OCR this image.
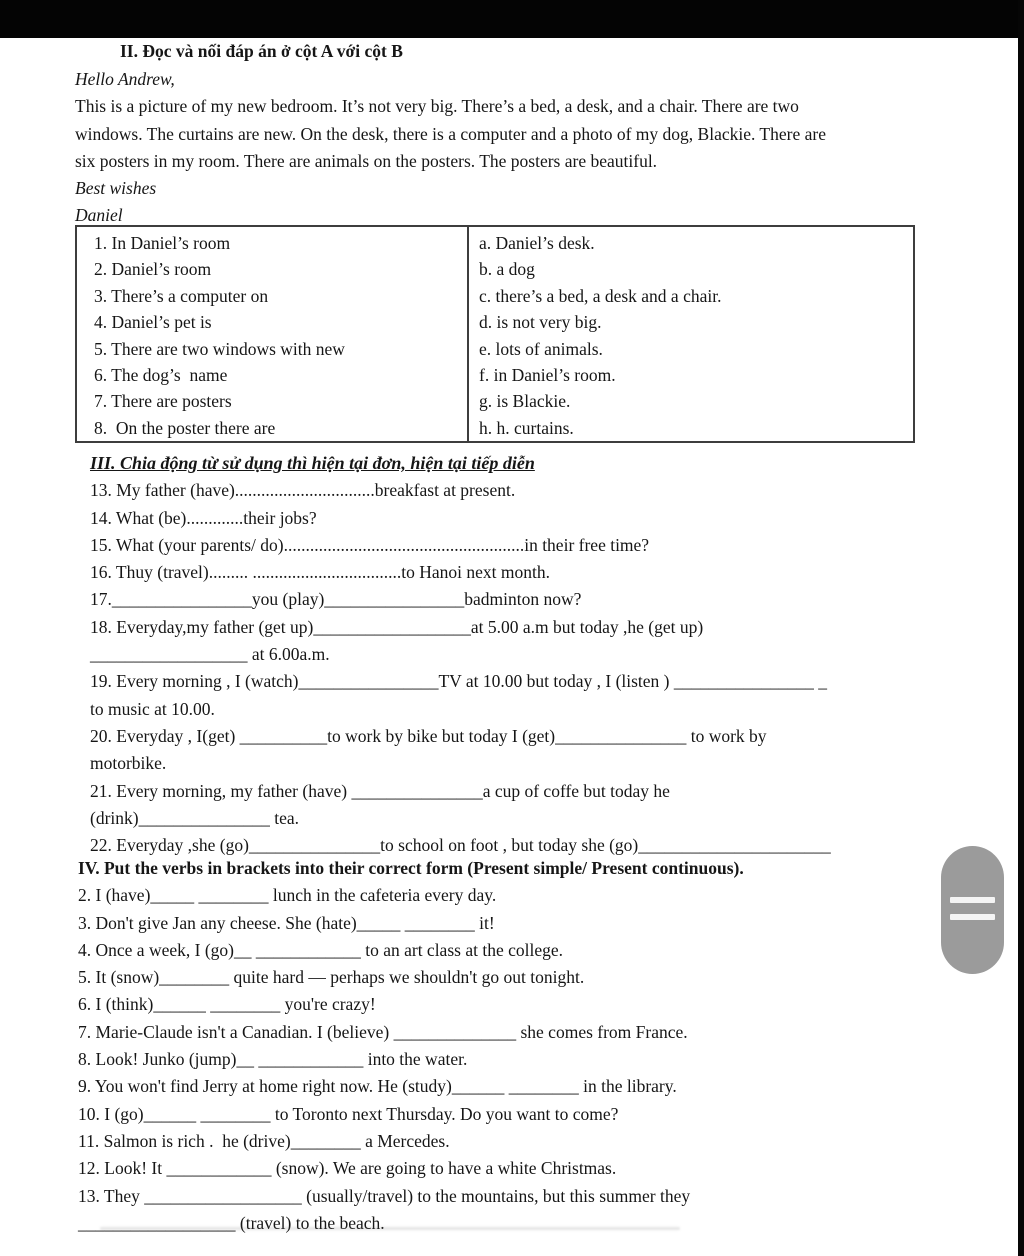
II. Đọc và nối đáp án ở cột A với cột B
Hello Andrew,
This is a picture of my new bedroom. It’s not very big. There’s a bed, a desk, and a chair. There are two
windows. The curtains are new. On the desk, there is a computer and a photo of my dog, Blackie. There are
six posters in my room. There are animals on the posters. The posters are beautiful.
Best wishes
Daniel
1. In Daniel’s room
2. Daniel’s room
3. There’s a computer on
4. Daniel’s pet is
5. There are two windows with new
6. The dog’s  name
7. There are posters
8.  On the poster there are
a. Daniel’s desk.
b. a dog
c. there’s a bed, a desk and a chair.
d. is not very big.
e. lots of animals.
f. in Daniel’s room.
g. is Blackie.
h. h. curtains.
III. Chia động từ sử dụng thì hiện tại đơn, hiện tại tiếp diễn
13. My father (have)................................breakfast at present.
14. What (be).............their jobs?
15. What (your parents/ do).......................................................in their free time?
16. Thuy (travel)......... ..................................to Hanoi next month.
17.________________you (play)________________badminton now?
18. Everyday,my father (get up)__________________at 5.00 a.m but today ,he (get up)
__________________ at 6.00a.m.
19. Every morning , I (watch)________________TV at 10.00 but today , I (listen ) ________________ _
to music at 10.00.
20. Everyday , I(get) __________to work by bike but today I (get)_______________ to work by
motorbike.
21. Every morning, my father (have) _______________a cup of coffe but today he
(drink)_______________ tea.
22. Everyday ,she (go)_______________to school on foot , but today she (go)______________________
IV. Put the verbs in brackets into their correct form (Present simple/ Present continuous).
2. I (have)_____ ________ lunch in the cafeteria every day.
3. Don't give Jan any cheese. She (hate)_____ ________ it!
4. Once a week, I (go)__ ____________ to an art class at the college.
5. It (snow)________ quite hard — perhaps we shouldn't go out tonight.
6. I (think)______ ________ you're crazy!
7. Marie-Claude isn't a Canadian. I (believe) ______________ she comes from France.
8. Look! Junko (jump)__ ____________ into the water.
9. You won't find Jerry at home right now. He (study)______ ________ in the library.
10. I (go)______ ________ to Toronto next Thursday. Do you want to come?
11. Salmon is rich .  he (drive)________ a Mercedes.
12. Look! It ____________ (snow). We are going to have a white Christmas.
13. They __________________ (usually/travel) to the mountains, but this summer they
__________________ (travel) to the beach.
